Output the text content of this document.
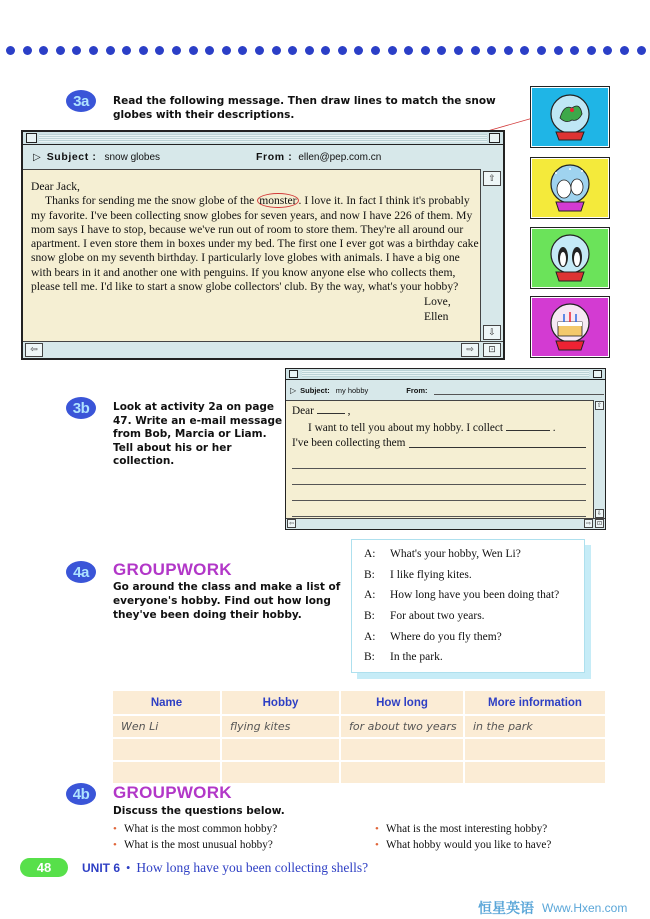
3a	Read the following message. Then draw lines to match the snow globes with their descriptions.
▷ Subject : snow globes	From : ellen@pep.com.cn
Dear Jack,
Thanks for sending me the snow globe of the monster . I love it. In fact I think it's probably my favorite. I've been collecting snow globes for seven years, and now I have 226 of them. My mom says I have to stop, because we've run out of room to store them. They're all around our apartment. I even store them in boxes under my bed. The first one I ever got was a birthday cake snow globe on my seventh birthday. I particularly love globes with animals. I have a big one with bears in it and another one with penguins. If you know anyone else who collects them, please tell me. I'd like to start a snow globe collectors' club. By the way, what's your hobby?
Love,
Ellen
⇧
⇩
⇦	⇨	⊡
3b	Look at activity 2a on page 47. Write an e-mail message from Bob, Marcia or Liam. Tell about his or her collection.
▷ Subject: my hobby	From:
Dear	,
I want to tell you about my hobby. I collect	.
I've been collecting them
⇧
⇩
⇦	⇨ ⊡
4a	GROUPWORK
Go around the class and make a list of everyone's hobby. Find out how long they've been doing their hobby.
A:	What's your hobby, Wen Li?
B:	I like flying kites.
A:	How long have you been doing that?
B:	For about two years.
A:	Where do you fly them?
B:	In the park.
Name	Hobby	How long	More information
Wen Li	flying kites	for about two years	in the park

4b	GROUPWORK
Discuss the questions below.
• What is the most common hobby?
• What is the most unusual hobby?
• What is the most interesting hobby?
• What hobby would you like to have?
48	UNIT 6 • How long have you been collecting shells?
恒星英语 Www.Hxen.com
